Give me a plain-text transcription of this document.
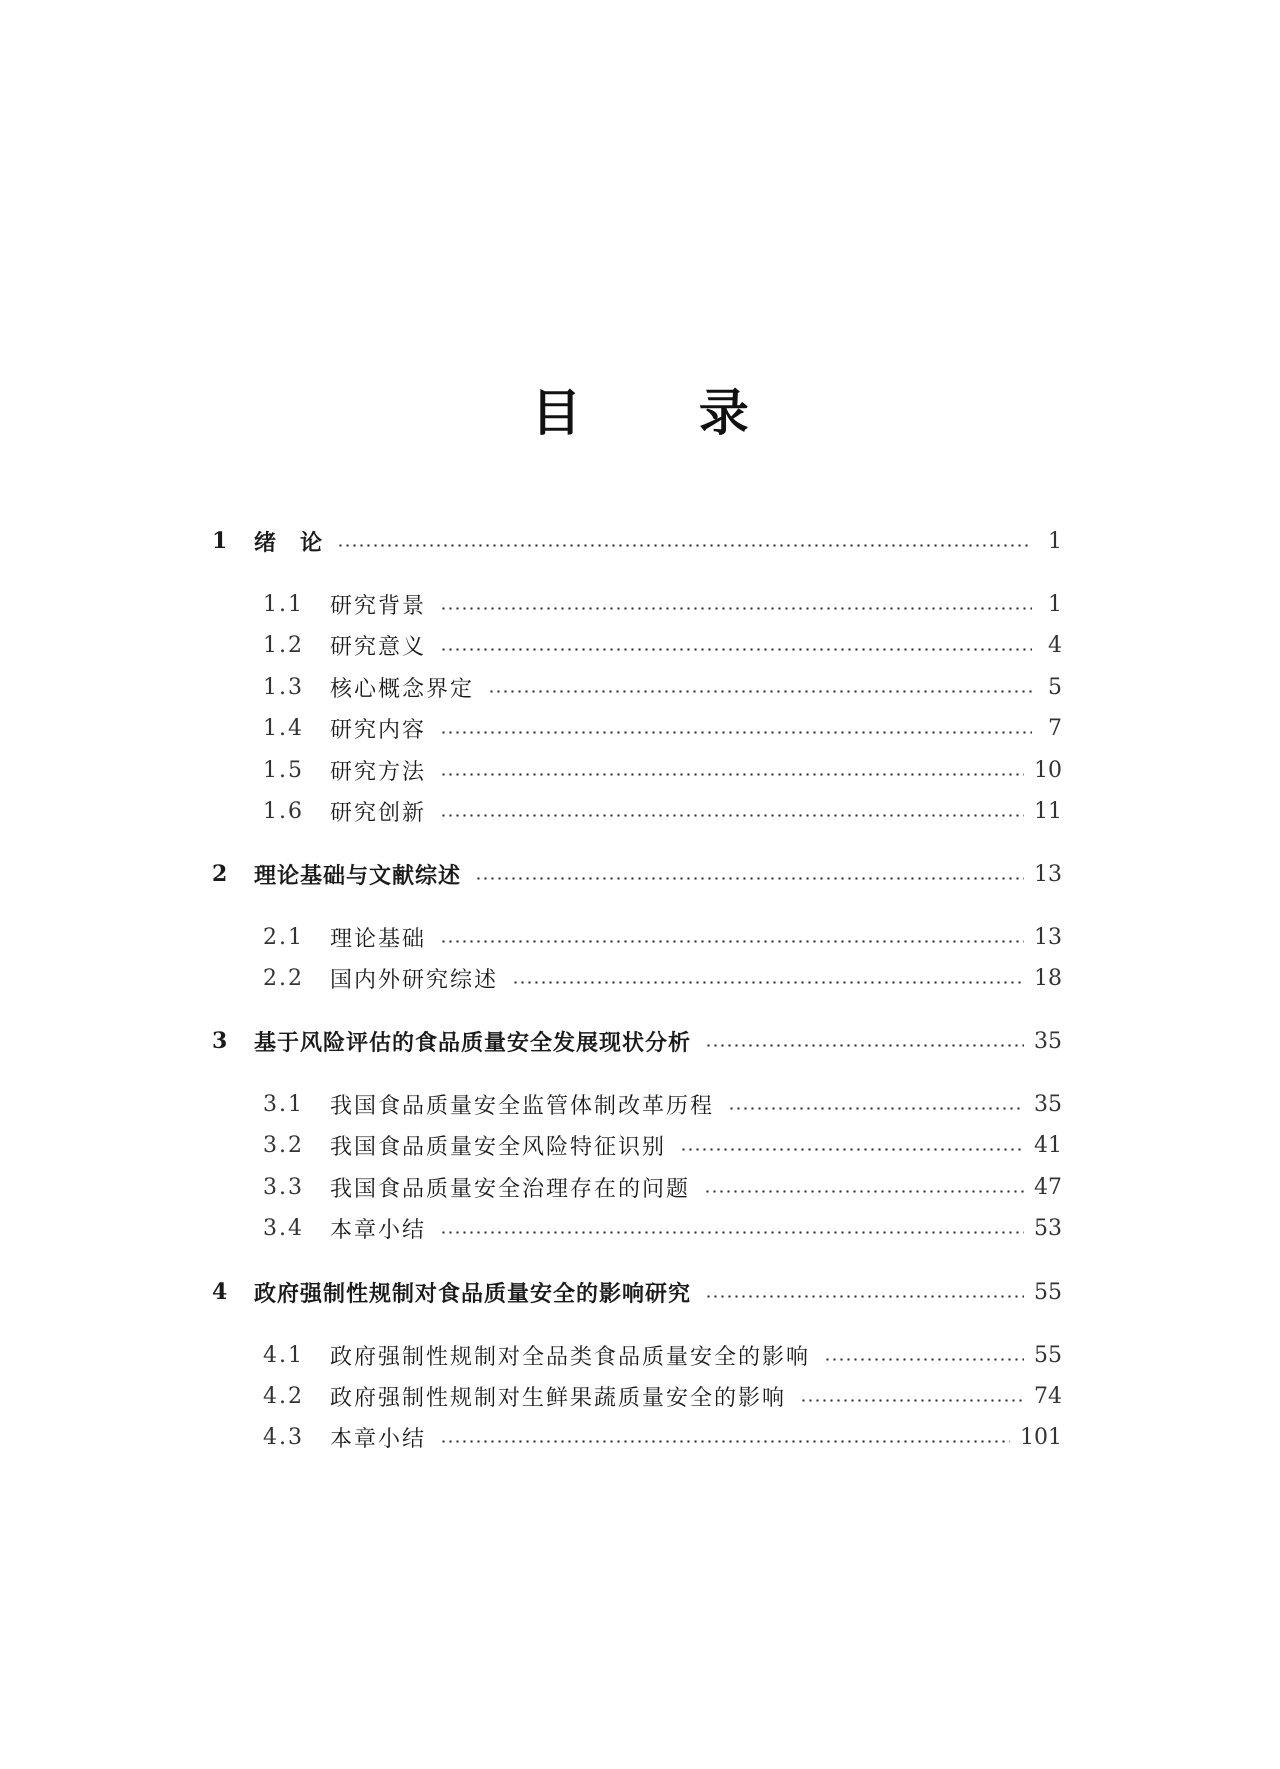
目 录
1	绪　论	1
1.1	研究背景	1
1.2	研究意义	4
1.3	核心概念界定	5
1.4	研究内容	7
1.5	研究方法	10
1.6	研究创新	11
2	理论基础与文献综述	13
2.1	理论基础	13
2.2	国内外研究综述	18
3	基于风险评估的食品质量安全发展现状分析	35
3.1	我国食品质量安全监管体制改革历程	35
3.2	我国食品质量安全风险特征识别	41
3.3	我国食品质量安全治理存在的问题	47
3.4	本章小结	53
4	政府强制性规制对食品质量安全的影响研究	55
4.1	政府强制性规制对全品类食品质量安全的影响	55
4.2	政府强制性规制对生鲜果蔬质量安全的影响	74
4.3	本章小结	101
